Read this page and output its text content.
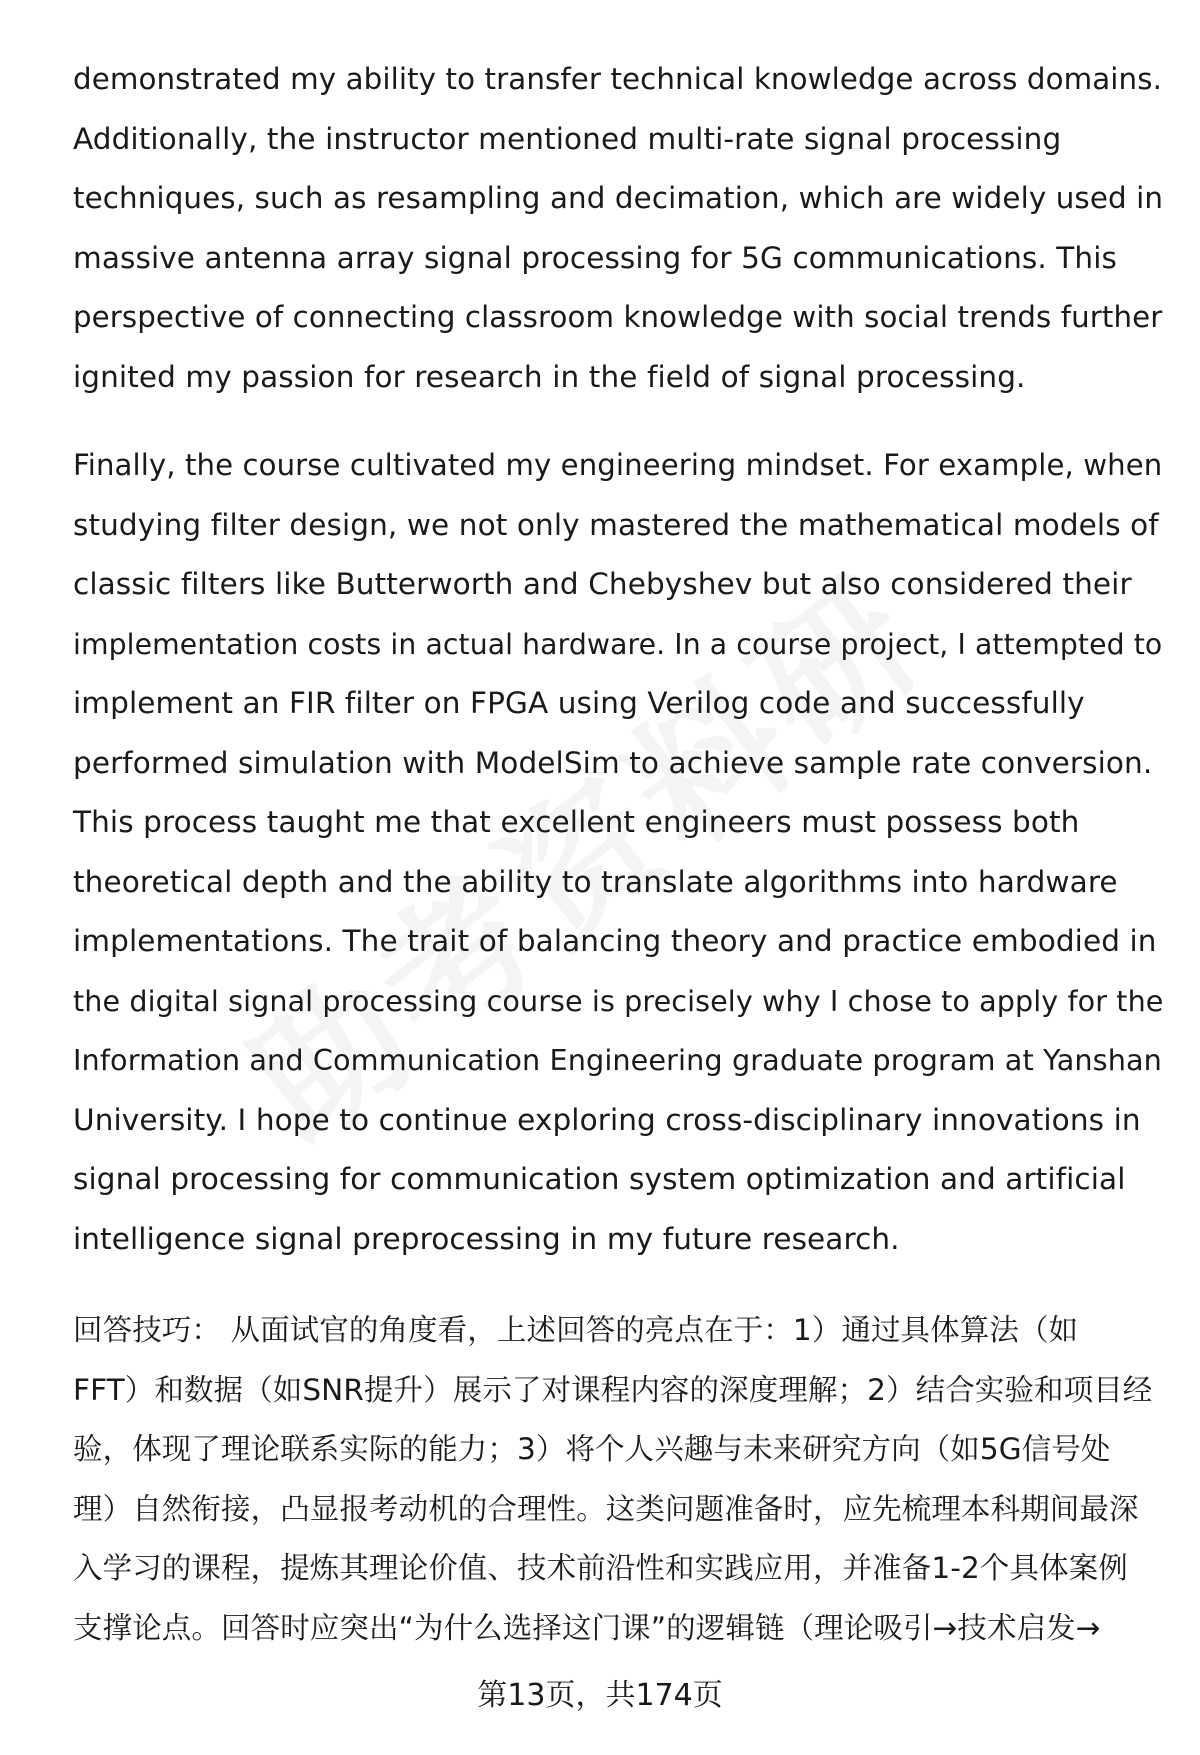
demonstrated my ability to transfer technical knowledge across domains.
Additionally, the instructor mentioned multi-rate signal processing
techniques, such as resampling and decimation, which are widely used in
massive antenna array signal processing for 5G communications. This
perspective of connecting classroom knowledge with social trends further
ignited my passion for research in the field of signal processing.
Finally, the course cultivated my engineering mindset. For example, when
studying filter design, we not only mastered the mathematical models of
classic filters like Butterworth and Chebyshev but also considered their
implementation costs in actual hardware. In a course project, I attempted to
implement an FIR filter on FPGA using Verilog code and successfully
performed simulation with ModelSim to achieve sample rate conversion.
This process taught me that excellent engineers must possess both
theoretical depth and the ability to translate algorithms into hardware
implementations. The trait of balancing theory and practice embodied in
the digital signal processing course is precisely why I chose to apply for the
Information and Communication Engineering graduate program at Yanshan
University. I hope to continue exploring cross-disciplinary innovations in
signal processing for communication system optimization and artificial
intelligence signal preprocessing in my future research.
回答技巧： 从面试官的角度看，上述回答的亮点在于：1）通过具体算法（如
FFT）和数据（如SNR提升）展示了对课程内容的深度理解；2）结合实验和项目经
验，体现了理论联系实际的能力；3）将个人兴趣与未来研究方向（如5G信号处
理）自然衔接，凸显报考动机的合理性。这类问题准备时，应先梳理本科期间最深
入学习的课程，提炼其理论价值、技术前沿性和实践应用，并准备1-2个具体案例
支撑论点。回答时应突出“为什么选择这门课”的逻辑链（理论吸引→技术启发→
第13页，共174页
